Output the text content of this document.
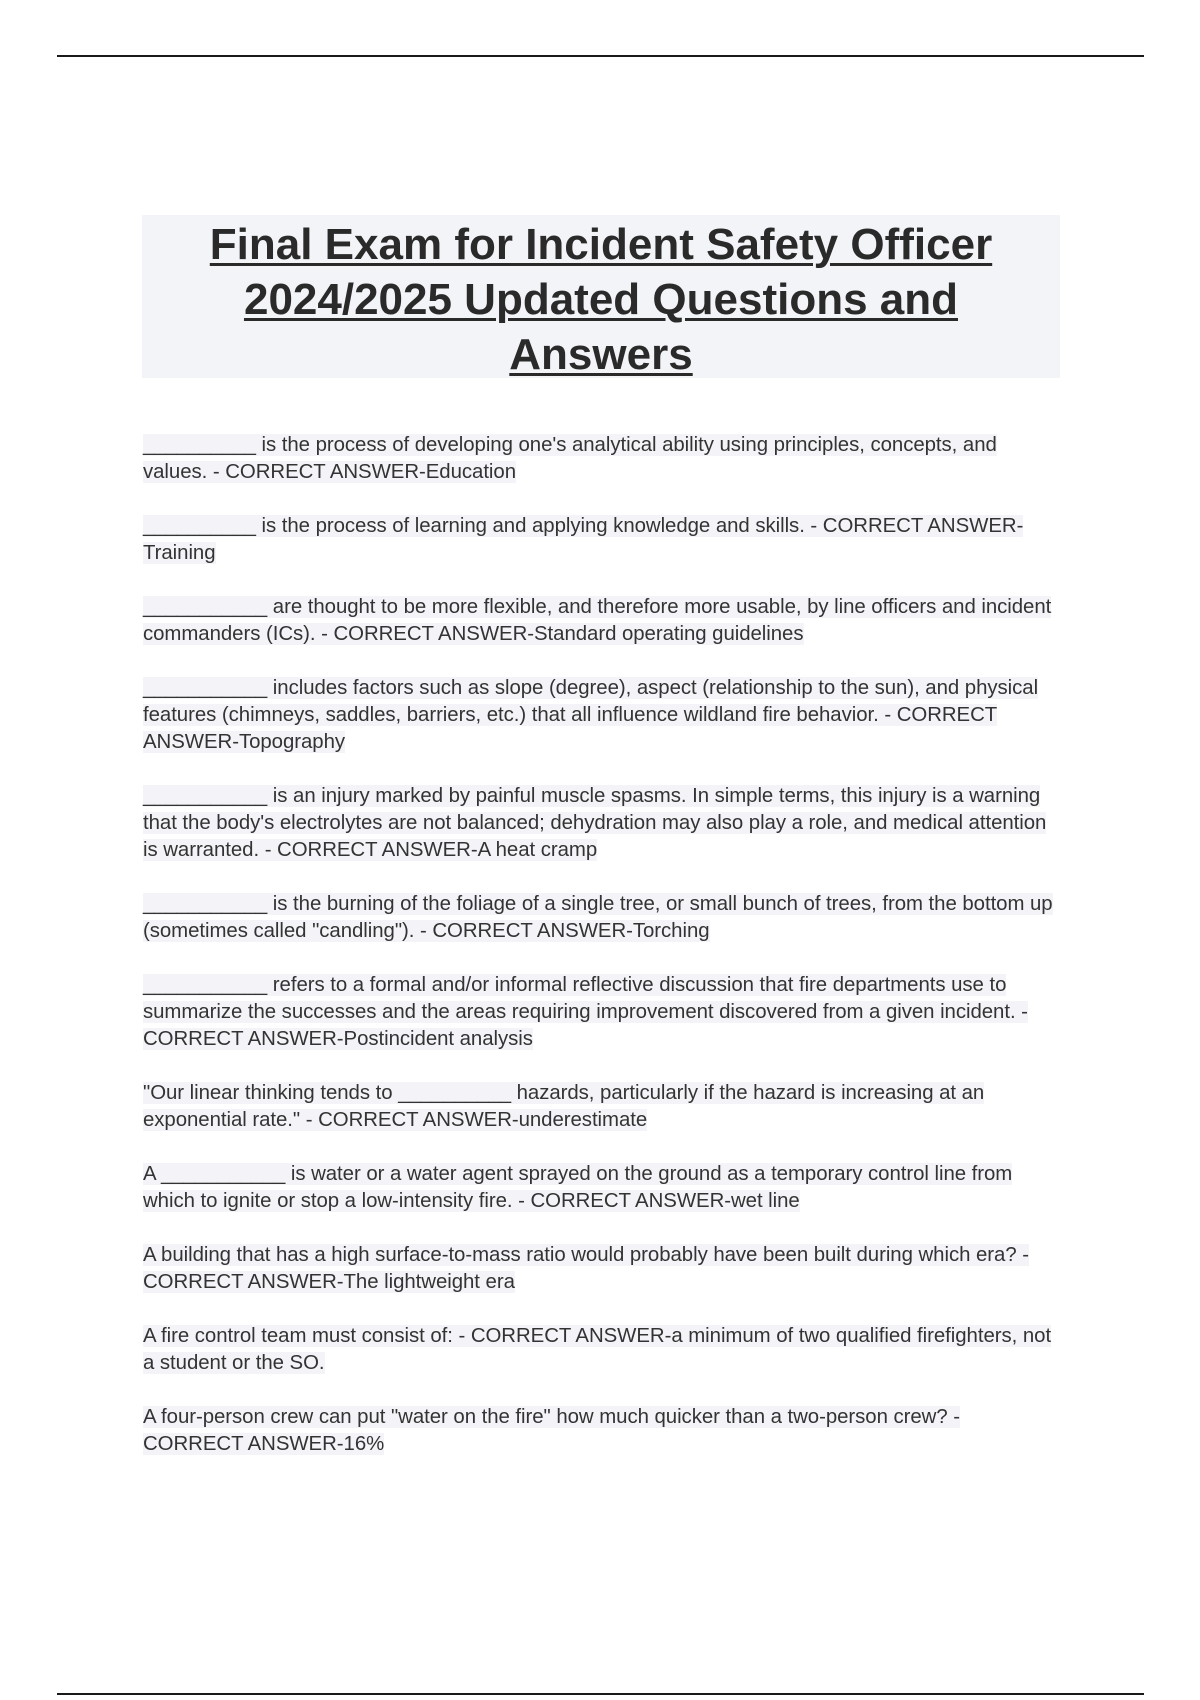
Final Exam for Incident Safety Officer
2024/2025 Updated Questions and
Answers

__________ is the process of developing one's analytical ability using principles, concepts, and values. - CORRECT ANSWER-Education

__________ is the process of learning and applying knowledge and skills. - CORRECT ANSWER-Training

___________ are thought to be more flexible, and therefore more usable, by line officers and incident commanders (ICs). - CORRECT ANSWER-Standard operating guidelines

___________ includes factors such as slope (degree), aspect (relationship to the sun), and physical features (chimneys, saddles, barriers, etc.) that all influence wildland fire behavior. - CORRECT ANSWER-Topography

___________ is an injury marked by painful muscle spasms. In simple terms, this injury is a warning that the body's electrolytes are not balanced; dehydration may also play a role, and medical attention is warranted. - CORRECT ANSWER-A heat cramp

___________ is the burning of the foliage of a single tree, or small bunch of trees, from the bottom up (sometimes called "candling"). - CORRECT ANSWER-Torching

___________ refers to a formal and/or informal reflective discussion that fire departments use to summarize the successes and the areas requiring improvement discovered from a given incident. - CORRECT ANSWER-Postincident analysis

"Our linear thinking tends to __________ hazards, particularly if the hazard is increasing at an exponential rate." - CORRECT ANSWER-underestimate

A ___________ is water or a water agent sprayed on the ground as a temporary control line from which to ignite or stop a low-intensity fire. - CORRECT ANSWER-wet line

A building that has a high surface-to-mass ratio would probably have been built during which era? - CORRECT ANSWER-The lightweight era

A fire control team must consist of: - CORRECT ANSWER-a minimum of two qualified firefighters, not a student or the SO.

A four-person crew can put "water on the fire" how much quicker than a two-person crew? - CORRECT ANSWER-16%
